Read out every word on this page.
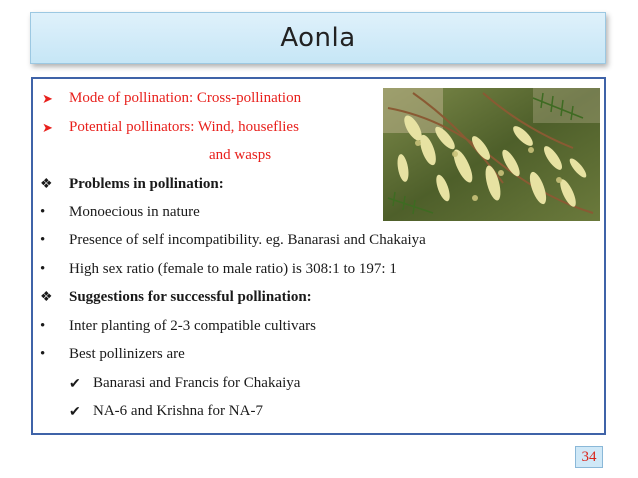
Aonla
➤ Mode of pollination: Cross-pollination
➤ Potential pollinators: Wind, houseflies
and wasps
❖ Problems in pollination:
• Monoecious in nature
• Presence of self incompatibility. eg. Banarasi and Chakaiya
• High sex ratio (female to male ratio) is 308:1 to 197: 1
❖ Suggestions for successful pollination:
• Inter planting of 2-3 compatible cultivars
• Best pollinizers are
✔ Banarasi and Francis for Chakaiya
✔ NA-6 and Krishna for NA-7
34
